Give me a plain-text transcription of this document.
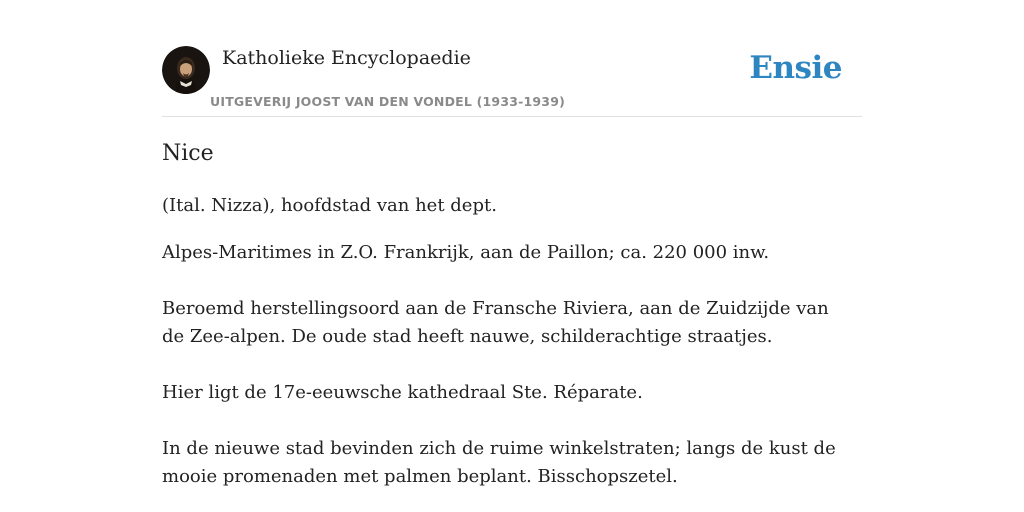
Katholieke Encyclopaedie
UITGEVERIJ JOOST VAN DEN VONDEL (1933-1939)
Ensie
Nice

(Ital. Nizza), hoofdstad van het dept.

Alpes-Maritimes in Z.O. Frankrijk, aan de Paillon; ca. 220 000 inw.

Beroemd herstellingsoord aan de Fransche Riviera, aan de Zuidzijde van de Zee-alpen. De oude stad heeft nauwe, schilderachtige straatjes.

Hier ligt de 17e-eeuwsche kathedraal Ste. Réparate.

In de nieuwe stad bevinden zich de ruime winkelstraten; langs de kust de mooie promenaden met palmen beplant. Bisschopszetel.
